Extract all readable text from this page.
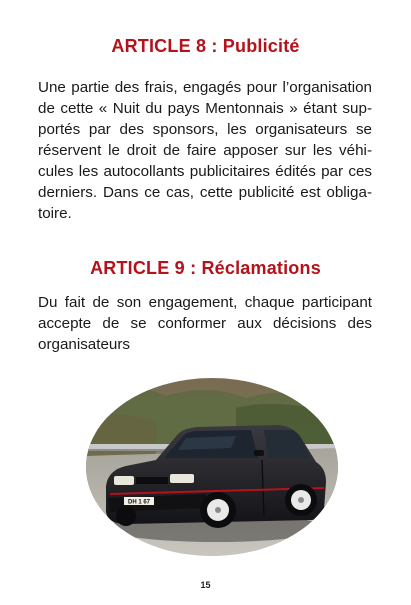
ARTICLE 8 : Publicité

Une partie des frais, engagés pour l’organisation de cette « Nuit du pays Mentonnais » étant supportés par des sponsors, les organisateurs se réservent le droit de faire apposer sur les véhicules les autocollants publicitaires édités par ces derniers. Dans ce cas, cette publicité est obligatoire.

ARTICLE 9 : Réclamations

Du fait de son engagement, chaque participant accepte de se conformer aux décisions des organisateurs

DH 1 67

15
